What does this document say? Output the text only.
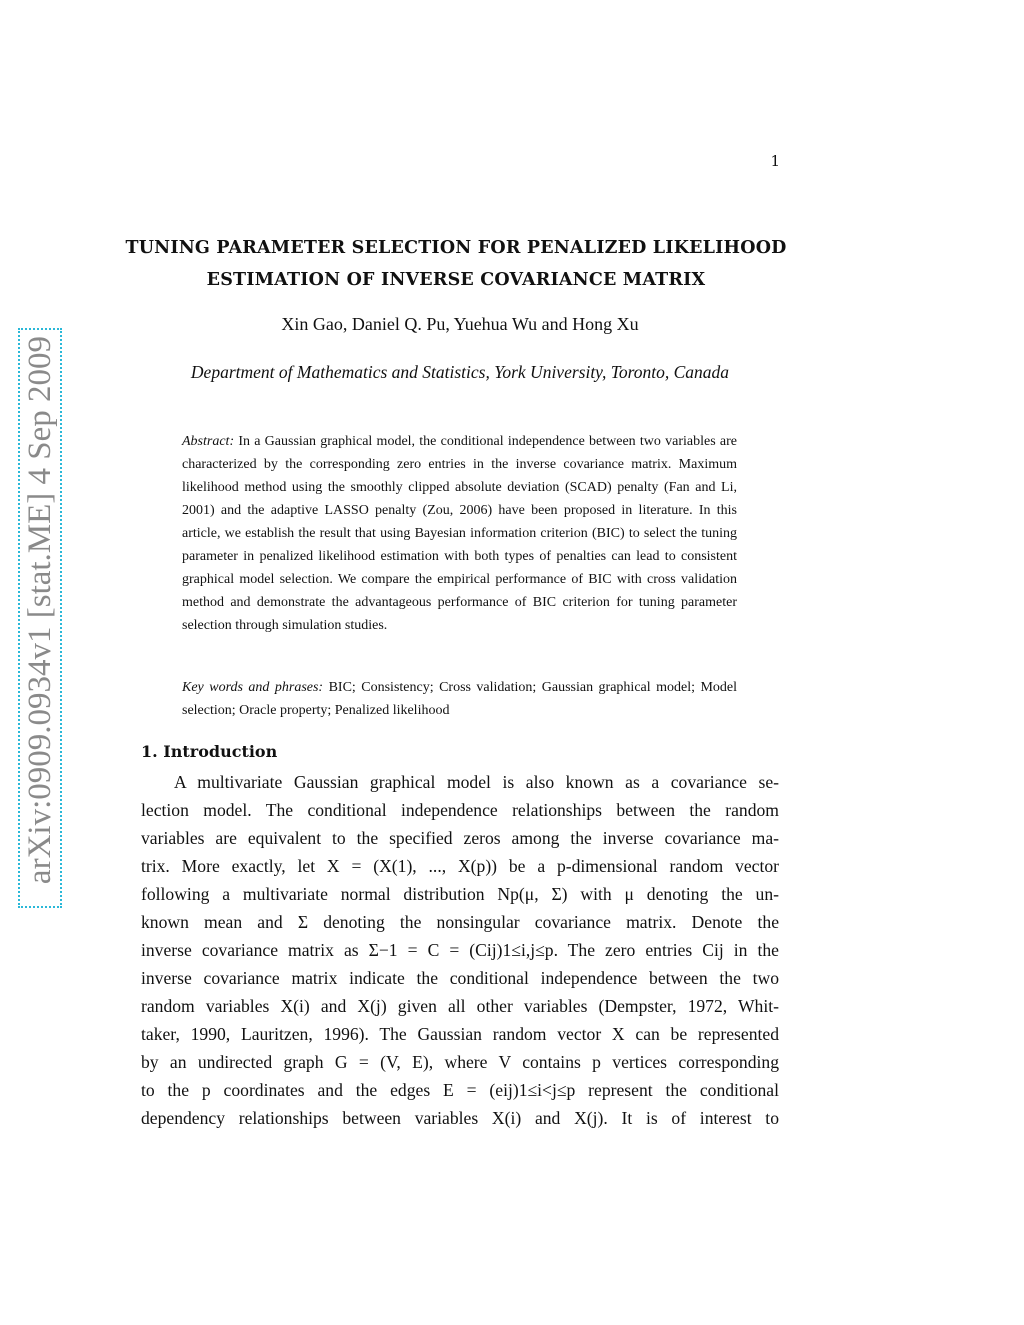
1
arXiv:0909.0934v1 [stat.ME] 4 Sep 2009
TUNING PARAMETER SELECTION FOR PENALIZED LIKELIHOOD
ESTIMATION OF INVERSE COVARIANCE MATRIX
Xin Gao, Daniel Q. Pu, Yuehua Wu and Hong Xu
Department of Mathematics and Statistics, York University, Toronto, Canada
Abstract: In a Gaussian graphical model, the conditional independence between two variables are characterized by the corresponding zero entries in the inverse covariance matrix. Maximum likelihood method using the smoothly clipped absolute deviation (SCAD) penalty (Fan and Li, 2001) and the adaptive LASSO penalty (Zou, 2006) have been proposed in literature. In this article, we establish the result that using Bayesian information criterion (BIC) to select the tuning parameter in penalized likelihood estimation with both types of penalties can lead to consistent graphical model selection. We compare the empirical performance of BIC with cross validation method and demonstrate the advantageous performance of BIC criterion for tuning parameter selection through simulation studies.
Key words and phrases: BIC; Consistency; Cross validation; Gaussian graphical model; Model selection; Oracle property; Penalized likelihood
1. Introduction
A multivariate Gaussian graphical model is also known as a covariance se-
lection model. The conditional independence relationships between the random
variables are equivalent to the specified zeros among the inverse covariance ma-
trix. More exactly, let X = (X(1), ..., X(p)) be a p-dimensional random vector
following a multivariate normal distribution Np(μ, Σ) with μ denoting the un-
known mean and Σ denoting the nonsingular covariance matrix. Denote the
inverse covariance matrix as Σ−1 = C = (Cij)1≤i,j≤p. The zero entries Cij in the
inverse covariance matrix indicate the conditional independence between the two
random variables X(i) and X(j) given all other variables (Dempster, 1972, Whit-
taker, 1990, Lauritzen, 1996). The Gaussian random vector X can be represented
by an undirected graph G = (V, E), where V contains p vertices corresponding
to the p coordinates and the edges E = (eij)1≤i<j≤p represent the conditional
dependency relationships between variables X(i) and X(j). It is of interest to
